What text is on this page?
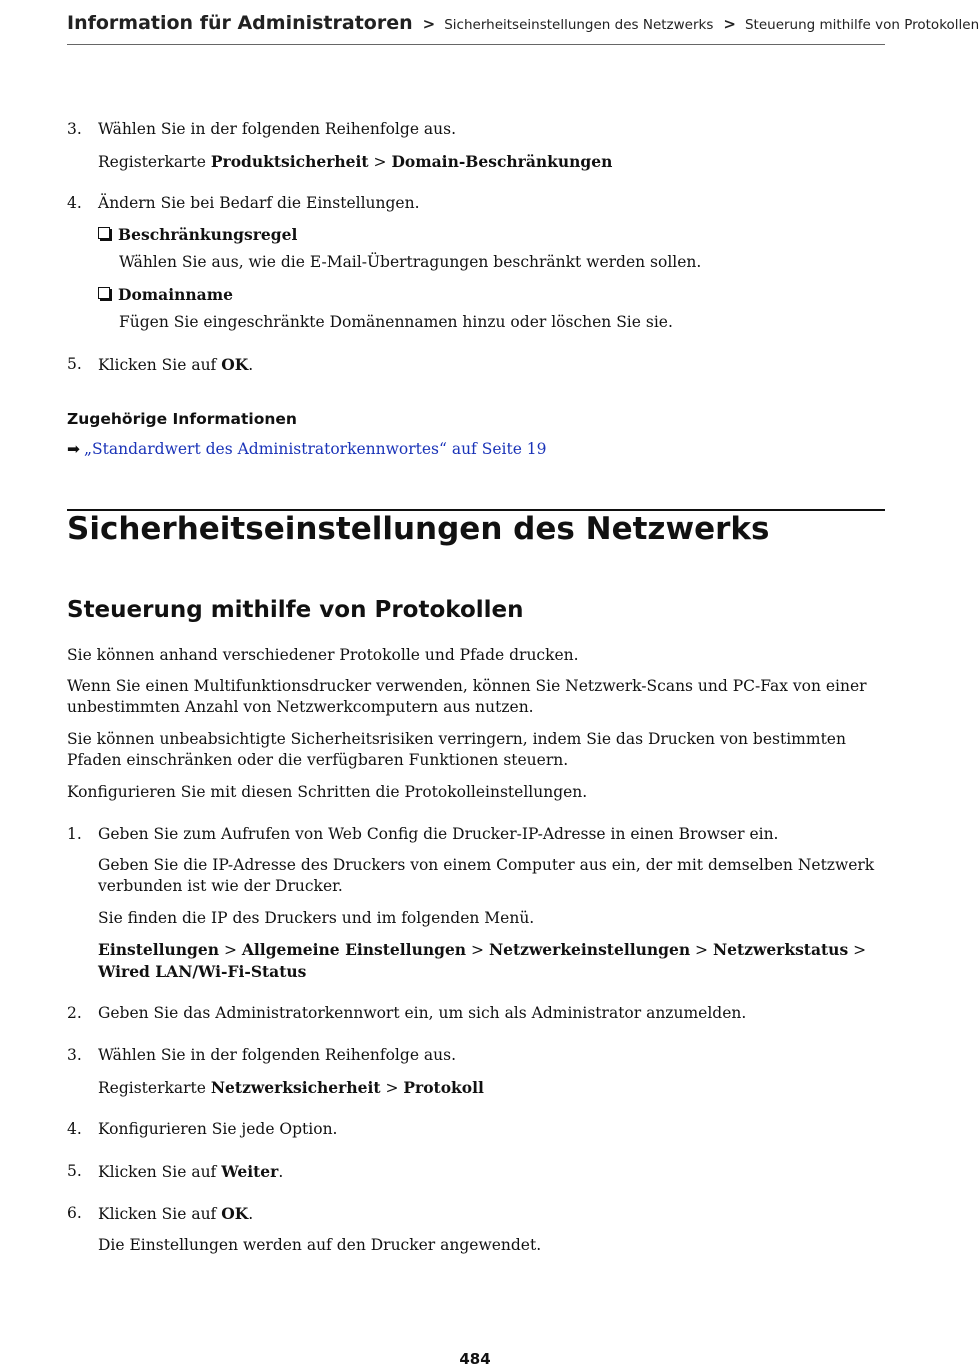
Information für Administratoren > Sicherheitseinstellungen des Netzwerks > Steuerung mithilfe von Protokollen
3. Wählen Sie in der folgenden Reihenfolge aus.
Registerkarte Produktsicherheit > Domain-Beschränkungen
4. Ändern Sie bei Bedarf die Einstellungen.
Beschränkungsregel
Wählen Sie aus, wie die E-Mail-Übertragungen beschränkt werden sollen.
Domainname
Fügen Sie eingeschränkte Domänennamen hinzu oder löschen Sie sie.
5. Klicken Sie auf OK.
Zugehörige Informationen
➡ „Standardwert des Administratorkennwortes“ auf Seite 19
Sicherheitseinstellungen des Netzwerks
Steuerung mithilfe von Protokollen
Sie können anhand verschiedener Protokolle und Pfade drucken.
Wenn Sie einen Multifunktionsdrucker verwenden, können Sie Netzwerk-Scans und PC-Fax von einer unbestimmten Anzahl von Netzwerkcomputern aus nutzen.
Sie können unbeabsichtigte Sicherheitsrisiken verringern, indem Sie das Drucken von bestimmten Pfaden einschränken oder die verfügbaren Funktionen steuern.
Konfigurieren Sie mit diesen Schritten die Protokolleinstellungen.
1. Geben Sie zum Aufrufen von Web Config die Drucker-IP-Adresse in einen Browser ein.
Geben Sie die IP-Adresse des Druckers von einem Computer aus ein, der mit demselben Netzwerk verbunden ist wie der Drucker.
Sie finden die IP des Druckers und im folgenden Menü.
Einstellungen > Allgemeine Einstellungen > Netzwerkeinstellungen > Netzwerkstatus > Wired LAN/Wi-Fi-Status
2. Geben Sie das Administratorkennwort ein, um sich als Administrator anzumelden.
3. Wählen Sie in der folgenden Reihenfolge aus.
Registerkarte Netzwerksicherheit > Protokoll
4. Konfigurieren Sie jede Option.
5. Klicken Sie auf Weiter.
6. Klicken Sie auf OK.
Die Einstellungen werden auf den Drucker angewendet.
484
